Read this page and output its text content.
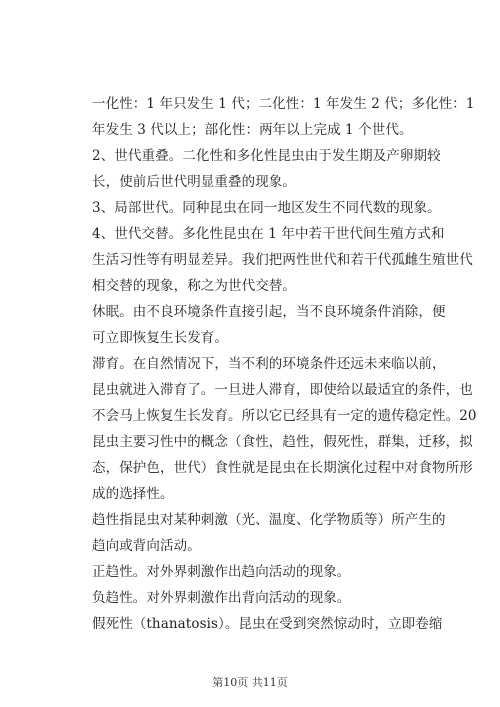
一化性：1 年只发生 1 代；二化性：1 年发生 2 代；多化性：1
年发生 3 代以上；部化性：两年以上完成 1 个世代。
2、世代重叠。二化性和多化性昆虫由于发生期及产卵期较
长，使前后世代明显重叠的现象。
3、局部世代。同种昆虫在同一地区发生不同代数的现象。
4、世代交替。多化性昆虫在 1 年中若干世代间生殖方式和
生活习性等有明显差异。我们把两性世代和若干代孤雌生殖世代
相交替的现象，称之为世代交替。
休眠。由不良环境条件直接引起，当不良环境条件消除，便
可立即恢复生长发育。
滞育。在自然情况下，当不利的环境条件还远未来临以前，
昆虫就进入滞育了。一旦进人滞育，即使给以最适宜的条件，也
不会马上恢复生长发育。所以它已经具有一定的遗传稳定性。20
昆虫主要习性中的概念（食性，趋性，假死性，群集，迁移，拟
态，保护色，世代）食性就是昆虫在长期演化过程中对食物所形
成的选择性。
趋性指昆虫对某种刺激（光、温度、化学物质等）所产生的
趋向或背向活动。
正趋性。对外界刺激作出趋向活动的现象。
负趋性。对外界刺激作出背向活动的现象。
假死性（thanatosis）。昆虫在受到突然惊动时，立即卷缩
第10页 共11页
